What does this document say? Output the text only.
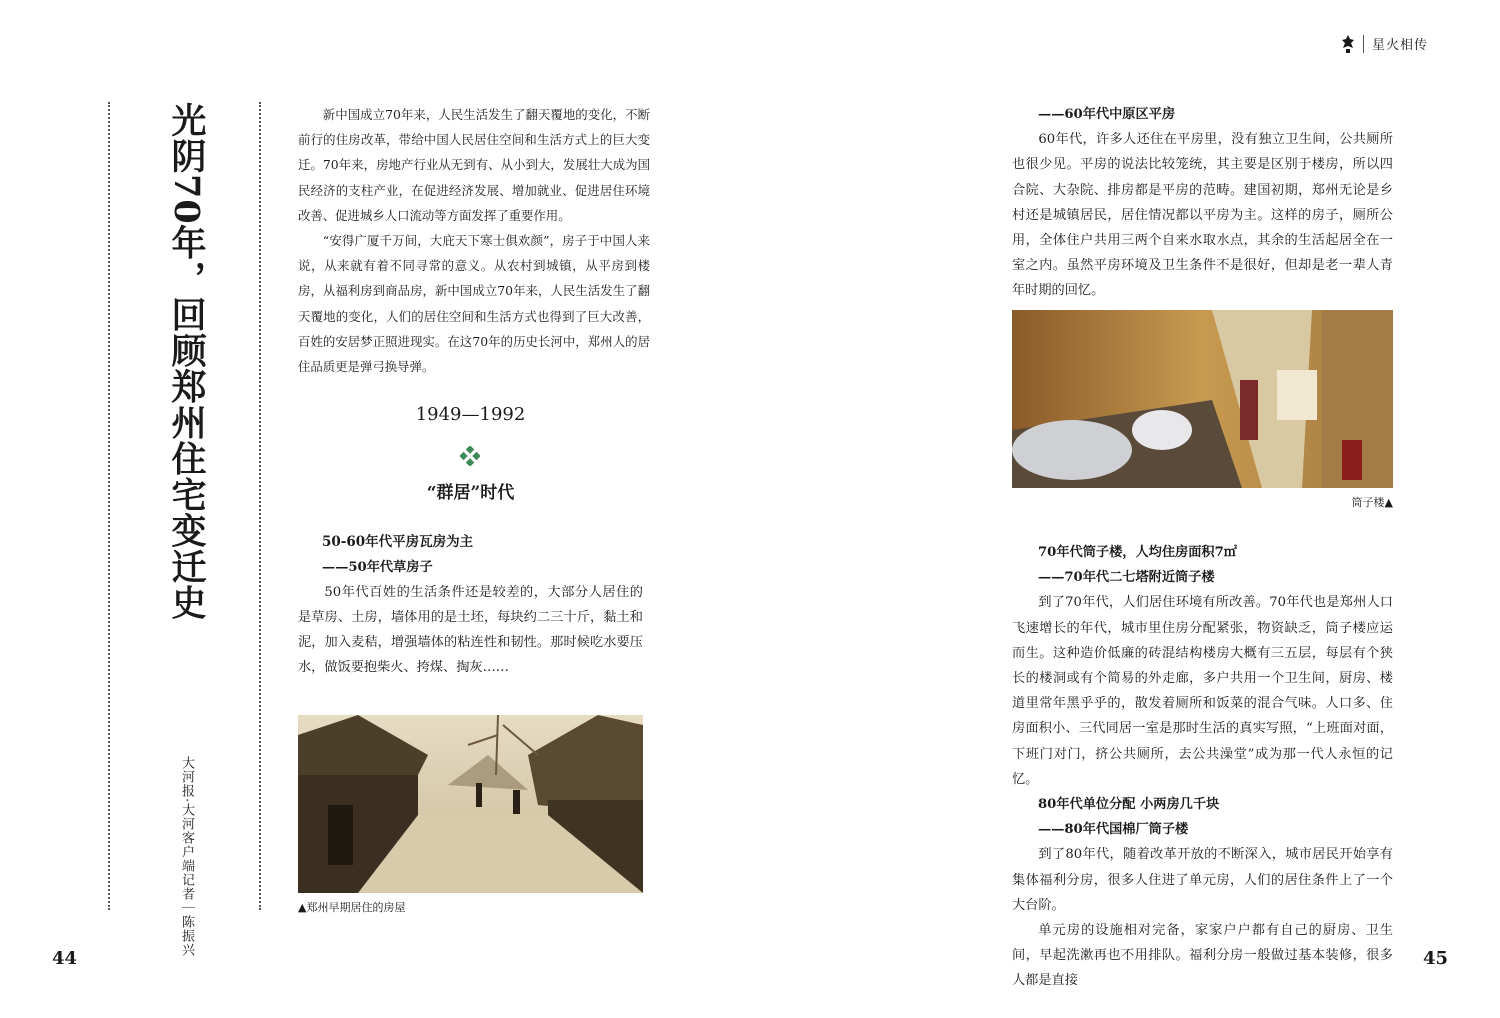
星火相传
光阴70年，回顾郑州住宅变迁史
大河报·大河客户端记者｜陈振兴

新中国成立70年来，人民生活发生了翻天覆地的变化，不断前行的住房改革，带给中国人民居住空间和生活方式上的巨大变迁。70年来，房地产行业从无到有、从小到大，发展壮大成为国民经济的支柱产业，在促进经济发展、增加就业、促进居住环境改善、促进城乡人口流动等方面发挥了重要作用。

“安得广厦千万间，大庇天下寒士俱欢颜”，房子于中国人来说，从来就有着不同寻常的意义。从农村到城镇，从平房到楼房，从福利房到商品房，新中国成立70年来，人民生活发生了翻天覆地的变化，人们的居住空间和生活方式也得到了巨大改善，百姓的安居梦正照进现实。在这70年的历史长河中，郑州人的居住品质更是弹弓换导弹。

1949—1992
“群居”时代
50-60年代平房瓦房为主
——50年代草房子

50年代百姓的生活条件还是较差的，大部分人居住的是草房、土房，墙体用的是土坯，每块约二三十斤，黏土和泥，加入麦秸，增强墙体的粘连性和韧性。那时候吃水要压水，做饭要抱柴火、挎煤、掏灰……

▲郑州早期居住的房屋
——60年代中原区平房

60年代，许多人还住在平房里，没有独立卫生间，公共厕所也很少见。平房的说法比较笼统，其主要是区别于楼房，所以四合院、大杂院、排房都是平房的范畴。建国初期，郑州无论是乡村还是城镇居民，居住情况都以平房为主。这样的房子，厕所公用，全体住户共用三两个自来水取水点，其余的生活起居全在一室之内。虽然平房环境及卫生条件不是很好，但却是老一辈人青年时期的回忆。

筒子楼▲
70年代筒子楼，人均住房面积7㎡
——70年代二七塔附近筒子楼

到了70年代，人们居住环境有所改善。70年代也是郑州人口飞速增长的年代，城市里住房分配紧张，物资缺乏，筒子楼应运而生。这种造价低廉的砖混结构楼房大概有三五层，每层有个狭长的楼洞或有个简易的外走廊，多户共用一个卫生间，厨房、楼道里常年黑乎乎的，散发着厕所和饭菜的混合气味。人口多、住房面积小、三代同居一室是那时生活的真实写照，“上班面对面，下班门对门，挤公共厕所，去公共澡堂”成为那一代人永恒的记忆。

80年代单位分配 小两房几千块
——80年代国棉厂筒子楼

到了80年代，随着改革开放的不断深入，城市居民开始享有集体福利分房，很多人住进了单元房，人们的居住条件上了一个大台阶。

单元房的设施相对完备，家家户户都有自己的厨房、卫生间，早起洗漱再也不用排队。福利分房一般做过基本装修，很多人都是直接

44	45
